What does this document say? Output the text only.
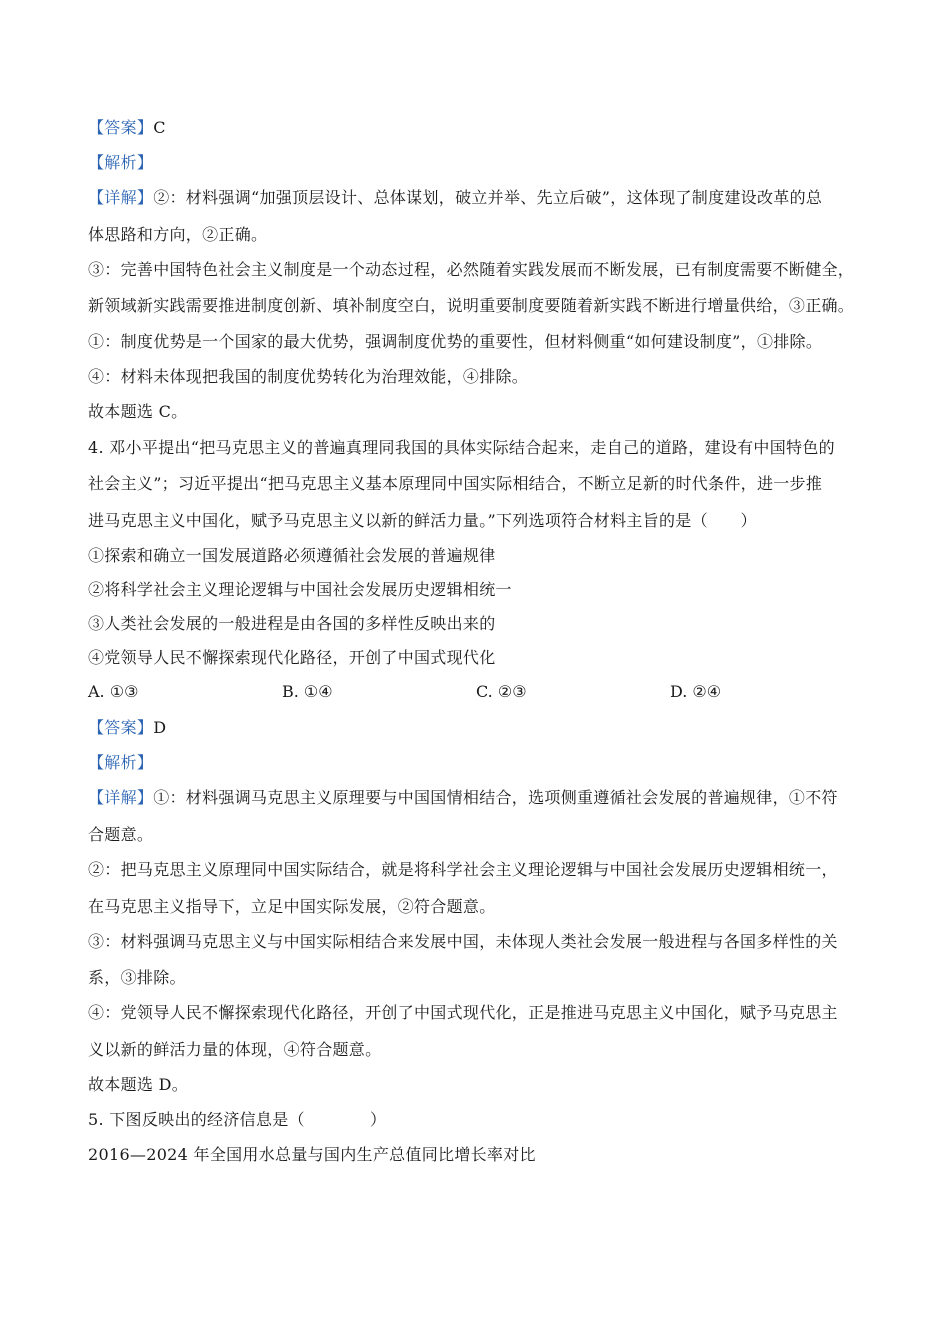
【答案】C
【解析】
【详解】②：材料强调“加强顶层设计、总体谋划，破立并举、先立后破”，这体现了制度建设改革的总
体思路和方向，②正确。
③：完善中国特色社会主义制度是一个动态过程，必然随着实践发展而不断发展，已有制度需要不断健全，
新领域新实践需要推进制度创新、填补制度空白，说明重要制度要随着新实践不断进行增量供给，③正确。
①：制度优势是一个国家的最大优势，强调制度优势的重要性，但材料侧重“如何建设制度”，①排除。
④：材料未体现把我国的制度优势转化为治理效能，④排除。
故本题选 C。
4. 邓小平提出“把马克思主义的普遍真理同我国的具体实际结合起来，走自己的道路，建设有中国特色的
社会主义”；习近平提出“把马克思主义基本原理同中国实际相结合，不断立足新的时代条件，进一步推
进马克思主义中国化，赋予马克思主义以新的鲜活力量。”下列选项符合材料主旨的是（　　）
①探索和确立一国发展道路必须遵循社会发展的普遍规律
②将科学社会主义理论逻辑与中国社会发展历史逻辑相统一
③人类社会发展的一般进程是由各国的多样性反映出来的
④党领导人民不懈探索现代化路径，开创了中国式现代化
A. ①③	B. ①④	C. ②③	D. ②④
【答案】D
【解析】
【详解】①：材料强调马克思主义原理要与中国国情相结合，选项侧重遵循社会发展的普遍规律，①不符
合题意。
②：把马克思主义原理同中国实际结合，就是将科学社会主义理论逻辑与中国社会发展历史逻辑相统一，
在马克思主义指导下，立足中国实际发展，②符合题意。
③：材料强调马克思主义与中国实际相结合来发展中国，未体现人类社会发展一般进程与各国多样性的关
系，③排除。
④：党领导人民不懈探索现代化路径，开创了中国式现代化，正是推进马克思主义中国化，赋予马克思主
义以新的鲜活力量的体现，④符合题意。
故本题选 D。
5. 下图反映出的经济信息是（　　　　）
2016—2024 年全国用水总量与国内生产总值同比增长率对比
